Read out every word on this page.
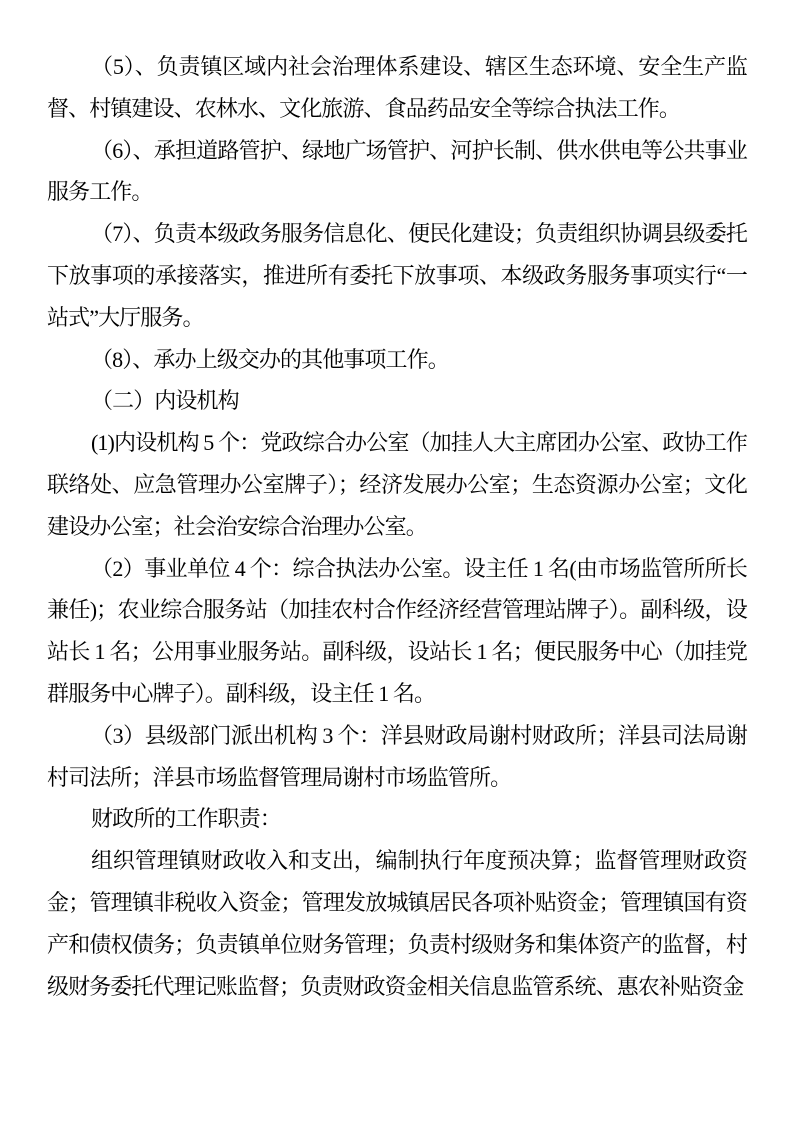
（5）、负责镇区域内社会治理体系建设、辖区生态环境、安全生产监督、村镇建设、农林水、文化旅游、食品药品安全等综合执法工作。

（6）、承担道路管护、绿地广场管护、河护长制、供水供电等公共事业服务工作。

（7）、负责本级政务服务信息化、便民化建设；负责组织协调县级委托下放事项的承接落实，推进所有委托下放事项、本级政务服务事项实行“一站式”大厅服务。

（8）、承办上级交办的其他事项工作。

（二）内设机构

(1)内设机构 5 个：党政综合办公室（加挂人大主席团办公室、政协工作联络处、应急管理办公室牌子）；经济发展办公室；生态资源办公室；文化建设办公室；社会治安综合治理办公室。

（2）事业单位 4 个：综合执法办公室。设主任 1 名(由市场监管所所长兼任)；农业综合服务站（加挂农村合作经济经营管理站牌子）。副科级，设站长 1 名；公用事业服务站。副科级，设站长 1 名；便民服务中心（加挂党群服务中心牌子）。副科级，设主任 1 名。

（3）县级部门派出机构 3 个：洋县财政局谢村财政所；洋县司法局谢村司法所；洋县市场监督管理局谢村市场监管所。

财政所的工作职责：

组织管理镇财政收入和支出，编制执行年度预决算；监督管理财政资金；管理镇非税收入资金；管理发放城镇居民各项补贴资金；管理镇国有资产和债权债务；负责镇单位财务管理；负责村级财务和集体资产的监督，村级财务委托代理记账监督；负责财政资金相关信息监管系统、惠农补贴资金
